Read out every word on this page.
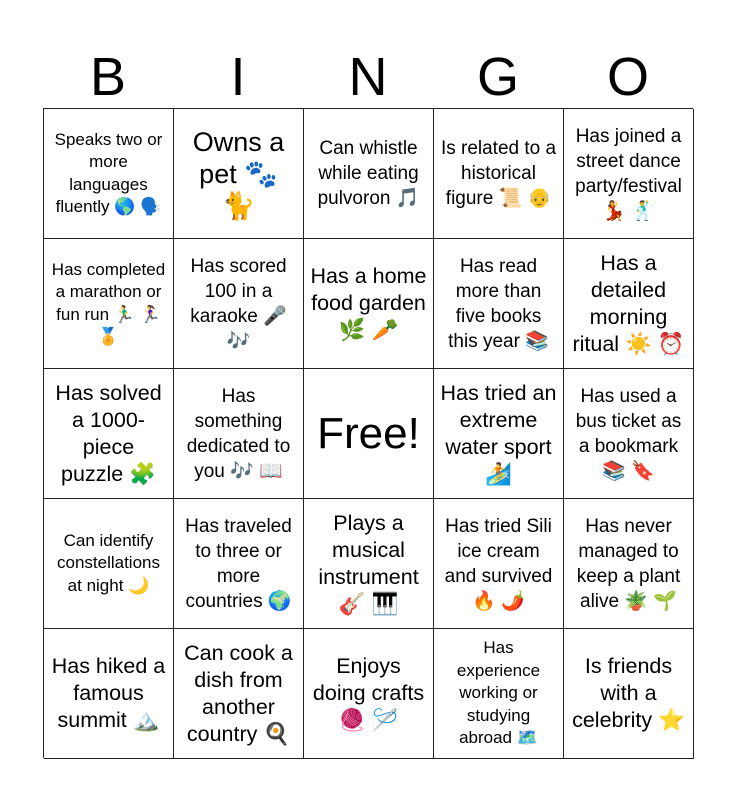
B	I	N	G	O
Speaks two or more languages fluently 🌎 🗣️
Owns a pet 🐾 🐈
Can whistle while eating pulvoron 🎵
Is related to a historical figure 📜 👴
Has joined a street dance party/festival 💃 🕺
Has completed a marathon or fun run 🏃‍♂️ 🏃‍♀️ 🏅
Has scored 100 in a karaoke 🎤 🎶
Has a home food garden 🌿 🥕
Has read more than five books this year 📚
Has a detailed morning ritual ☀️ ⏰
Has solved a 1000-piece puzzle 🧩
Has something dedicated to you 🎶 📖
Free!
Has tried an extreme water sport 🏄
Has used a bus ticket as a bookmark 📚 🔖
Can identify constellations at night 🌙
Has traveled to three or more countries 🌍
Plays a musical instrument 🎸 🎹
Has tried Sili ice cream and survived 🔥 🌶️
Has never managed to keep a plant alive 🪴 🌱
Has hiked a famous summit 🏔️
Can cook a dish from another country 🍳
Enjoys doing crafts 🧶 🪡
Has experience working or studying abroad 🗺️
Is friends with a celebrity ⭐
